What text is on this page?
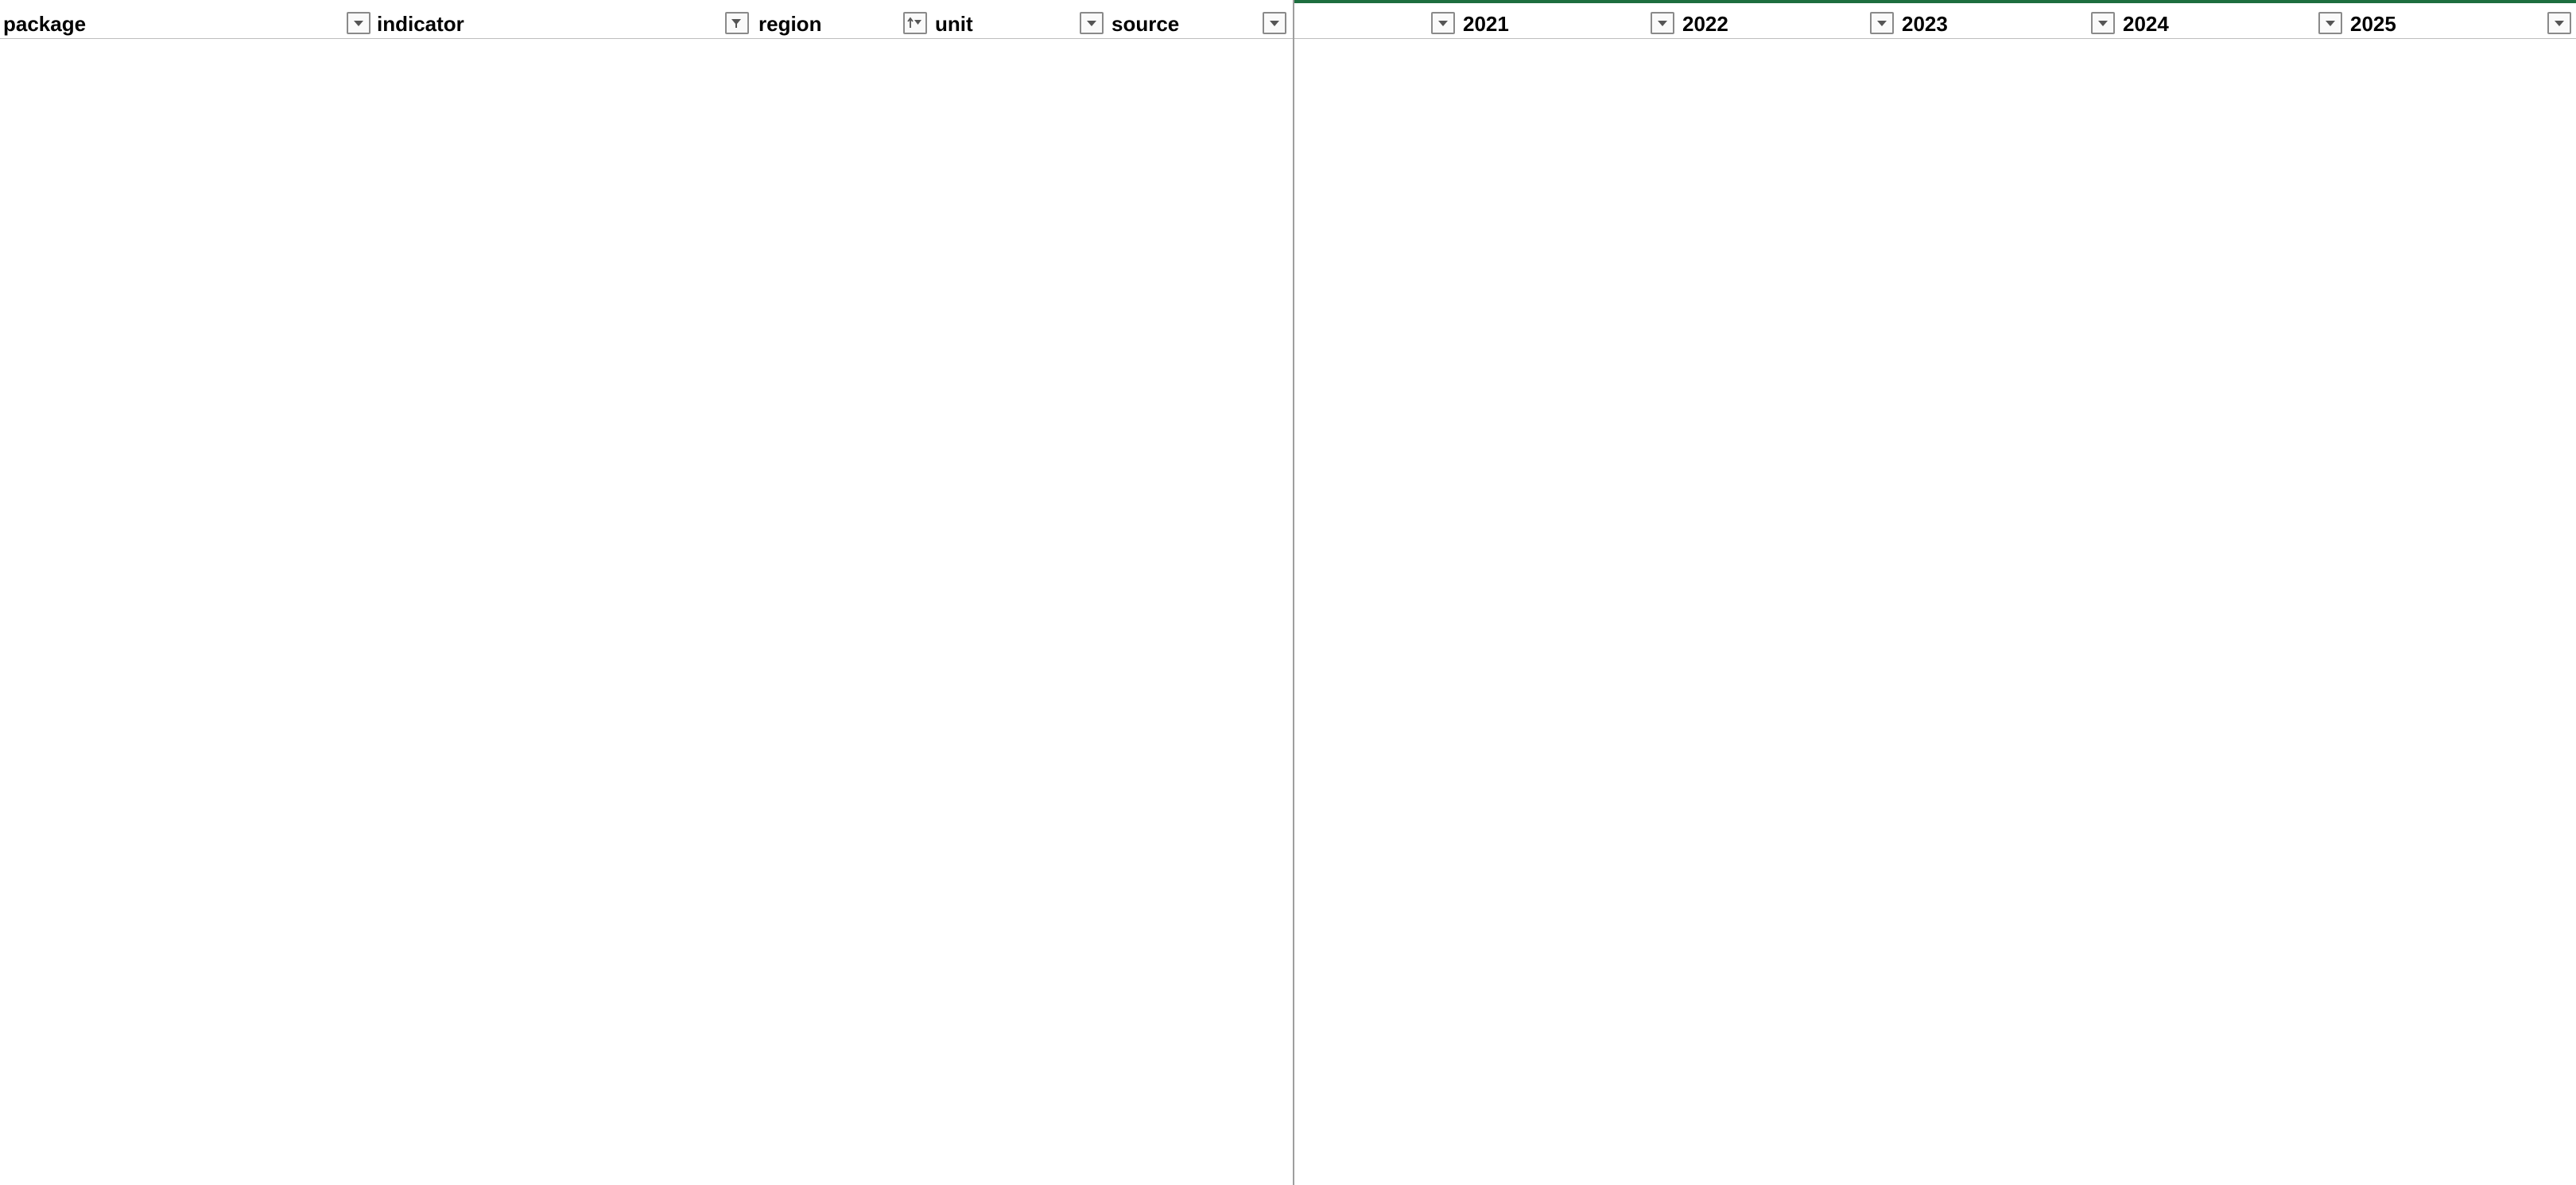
package	indicator	region	unit	source	2021	2022	2023	2024	2025
